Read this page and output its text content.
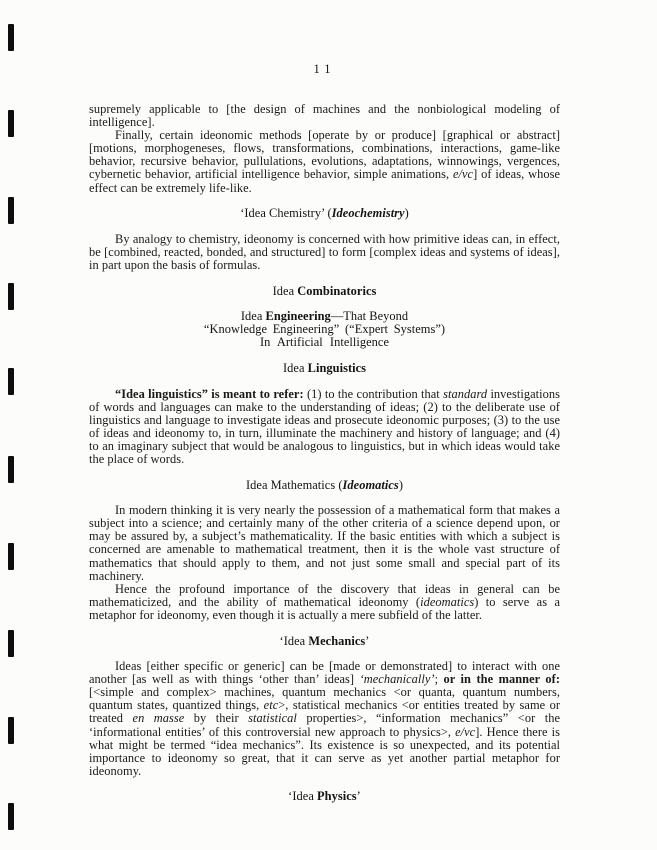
11

supremely applicable to [the design of machines and the nonbiological modeling of intelligence].

Finally, certain ideonomic methods [operate by or produce] [graphical or abstract] [motions, morphogeneses, flows, transformations, combinations, interactions, game-like behavior, recursive behavior, pullulations, evolutions, adaptations, winnowings, vergences, cybernetic behavior, artificial intelligence behavior, simple animations, e/vc] of ideas, whose effect can be extremely life-like.

‘Idea Chemistry’ (Ideochemistry)

By analogy to chemistry, ideonomy is concerned with how primitive ideas can, in effect, be [combined, reacted, bonded, and structured] to form [complex ideas and systems of ideas], in part upon the basis of formulas.

Idea Combinatorics
Idea Engineering—That Beyond
“Knowledge Engineering” (“Expert Systems”)
In Artificial Intelligence
Idea Linguistics

“Idea linguistics” is meant to refer: (1) to the contribution that standard investigations of words and languages can make to the understanding of ideas; (2) to the deliberate use of linguistics and language to investigate ideas and prosecute ideonomic purposes; (3) to the use of ideas and ideonomy to, in turn, illuminate the machinery and history of language; and (4) to an imaginary subject that would be analogous to linguistics, but in which ideas would take the place of words.

Idea Mathematics (Ideomatics)

In modern thinking it is very nearly the possession of a mathematical form that makes a subject into a science; and certainly many of the other criteria of a science depend upon, or may be assured by, a subject’s mathematicality. If the basic entities with which a subject is concerned are amenable to mathematical treatment, then it is the whole vast structure of mathematics that should apply to them, and not just some small and special part of its machinery.

Hence the profound importance of the discovery that ideas in general can be mathematicized, and the ability of mathematical ideonomy (ideomatics) to serve as a metaphor for ideonomy, even though it is actually a mere subfield of the latter.

‘Idea Mechanics’

Ideas [either specific or generic] can be [made or demonstrated] to interact with one another [as well as with things ‘other than’ ideas] ‘mechanically’; or in the manner of: [<simple and complex> machines, quantum mechanics <or quanta, quantum numbers, quantum states, quantized things, etc>, statistical mechanics <or entities treated by same or treated en masse by their statistical properties>, “information mechanics” <or the ‘informational entities’ of this controversial new approach to physics>, e/vc]. Hence there is what might be termed “idea mechanics”. Its existence is so unexpected, and its potential importance to ideonomy so great, that it can serve as yet another partial metaphor for ideonomy.

‘Idea Physics’
